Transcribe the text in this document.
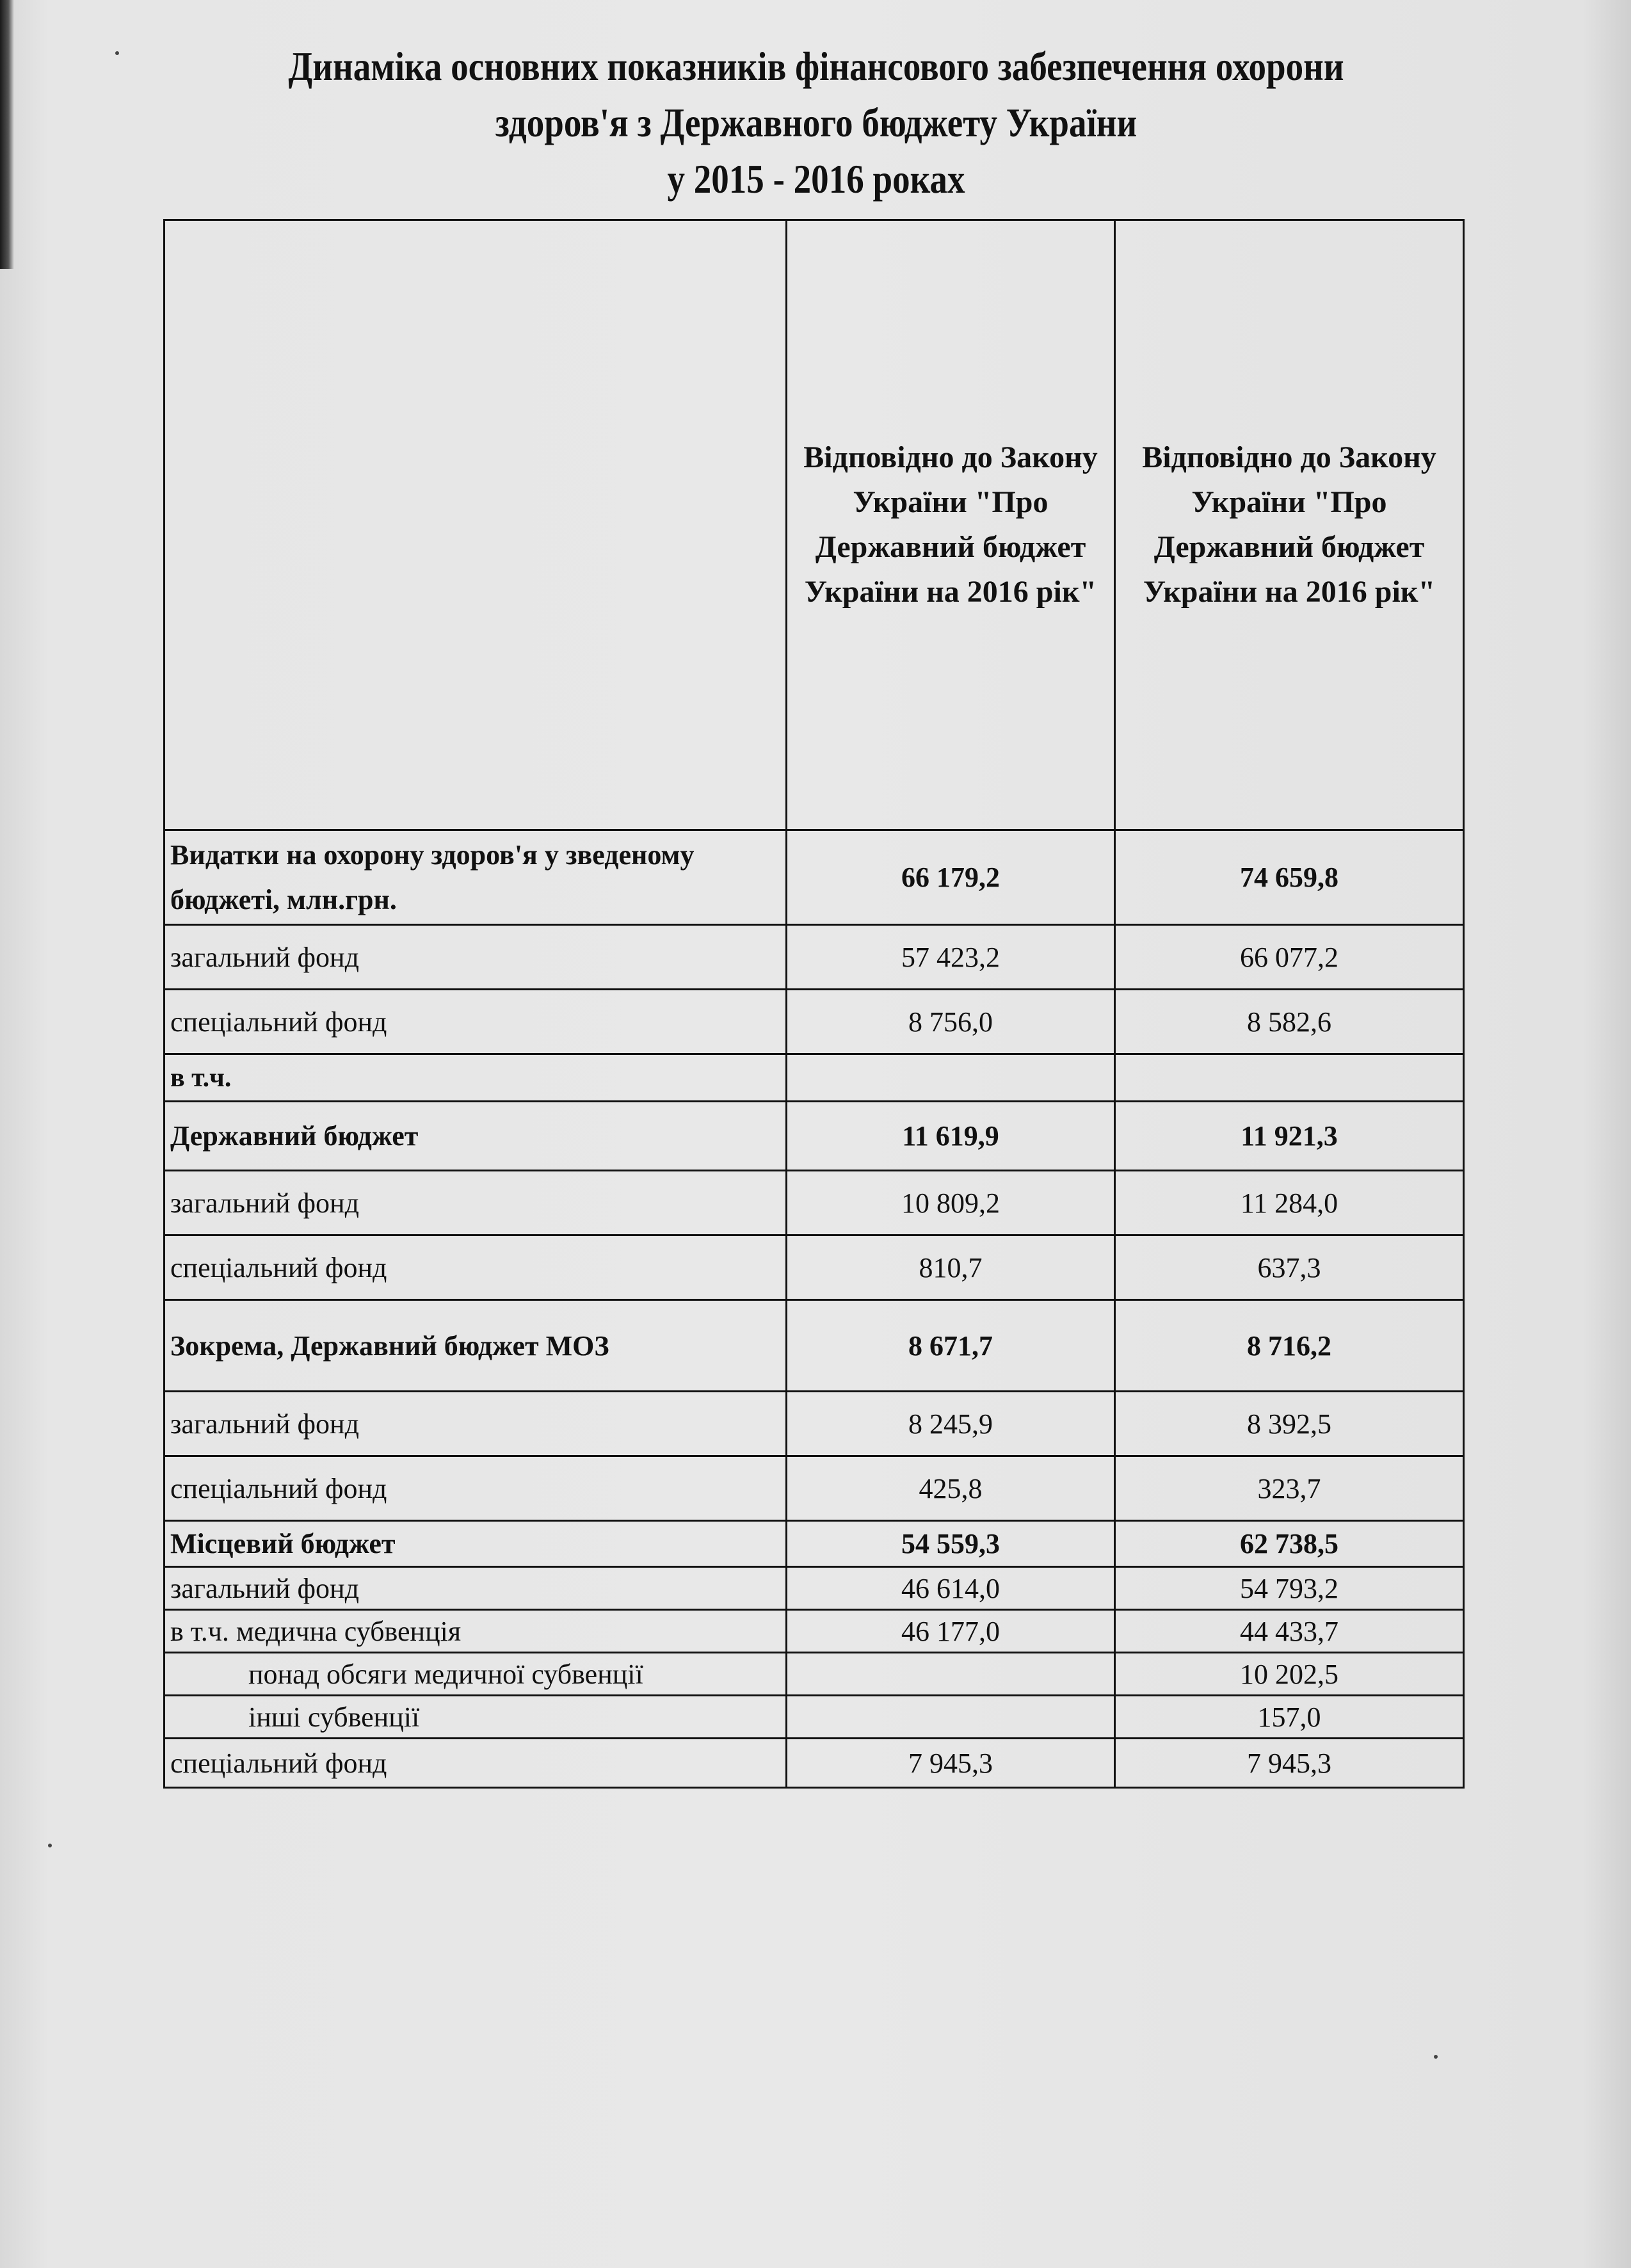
Динаміка основних показників фінансового забезпечення охорони
здоров'я з Державного бюджету України
у 2015 - 2016 роках
	Відповідно до Закону України "Про Державний бюджет України на 2016 рік"	Відповідно до Закону України "Про Державний бюджет України на 2016 рік"
Видатки на охорону здоров'я у зведеному бюджеті, млн.грн.	66 179,2	74 659,8
загальний фонд	57 423,2	66 077,2
спеціальний фонд	8 756,0	8 582,6
в т.ч.		
Державний бюджет	11 619,9	11 921,3
загальний фонд	10 809,2	11 284,0
спеціальний фонд	810,7	637,3
Зокрема, Державний бюджет МОЗ	8 671,7	8 716,2
загальний фонд	8 245,9	8 392,5
спеціальний фонд	425,8	323,7
Місцевий бюджет	54 559,3	62 738,5
загальний фонд	46 614,0	54 793,2
в т.ч. медична субвенція	46 177,0	44 433,7
понад обсяги медичної субвенції		10 202,5
інші субвенції		157,0
спеціальний фонд	7 945,3	7 945,3
